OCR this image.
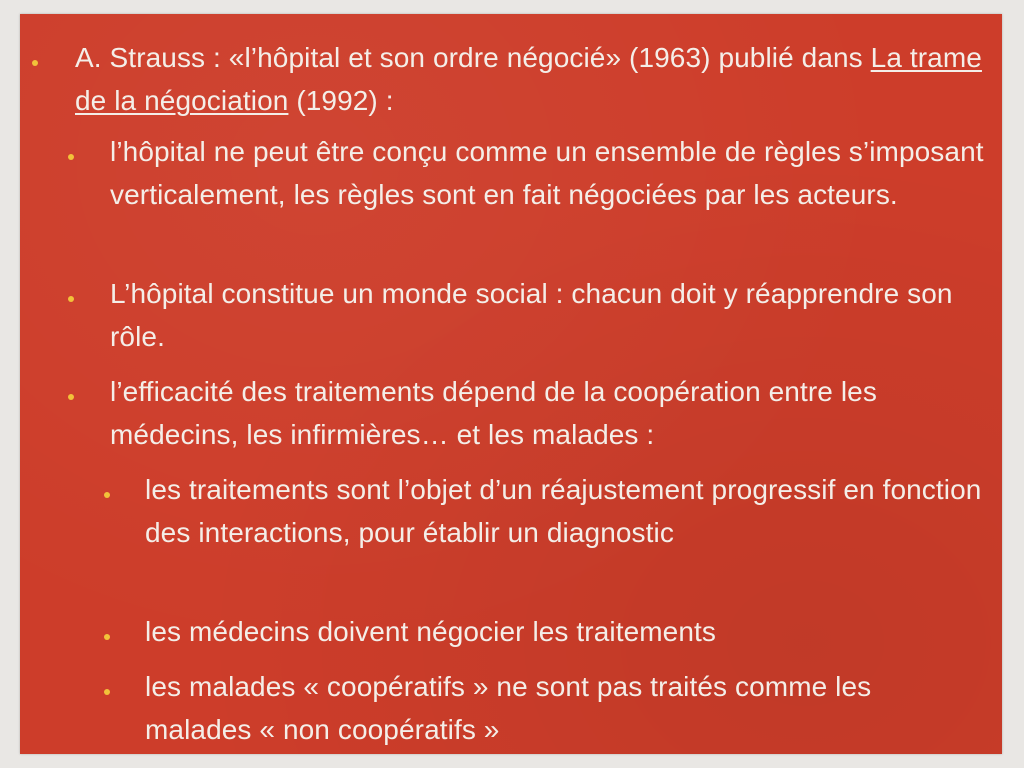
A. Strauss : «l’hôpital et son ordre négocié» (1963) publié dans La trame de la négociation (1992) :
l’hôpital ne peut être conçu comme un ensemble de règles s’imposant verticalement, les règles sont en fait négociées par les acteurs.
L’hôpital constitue un monde social : chacun doit y réapprendre son rôle.
l’efficacité des traitements dépend de la coopération entre les médecins, les infirmières… et les malades :
les traitements sont l’objet d’un réajustement progressif en fonction des interactions, pour établir un diagnostic
les médecins doivent négocier les traitements
les malades « coopératifs » ne sont pas traités comme les malades « non coopératifs »
